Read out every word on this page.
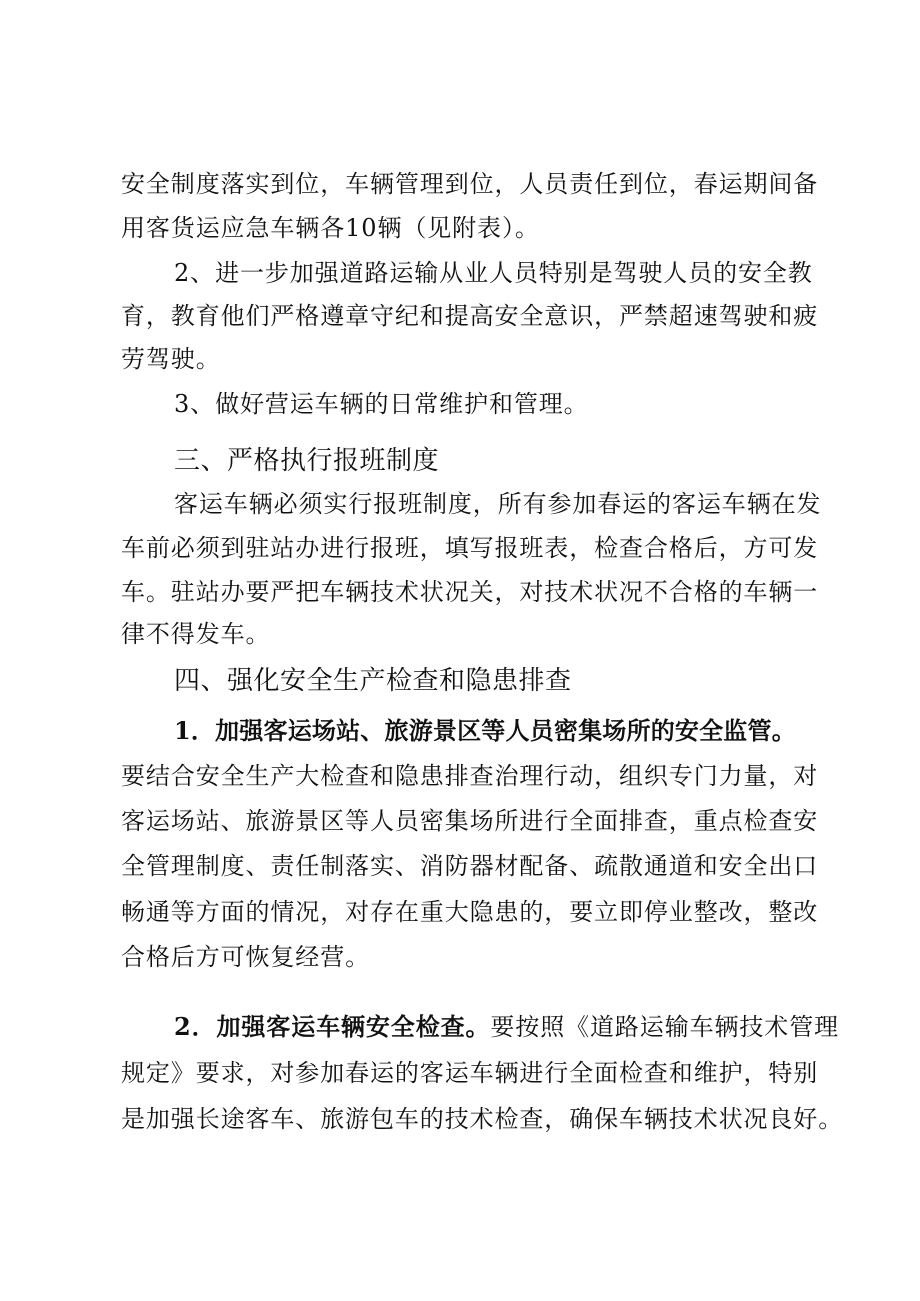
安全制度落实到位，车辆管理到位，人员责任到位，春运期间备
用客货运应急车辆各10辆（见附表）。
2、进一步加强道路运输从业人员特别是驾驶人员的安全教
育，教育他们严格遵章守纪和提高安全意识，严禁超速驾驶和疲
劳驾驶。
3、做好营运车辆的日常维护和管理。
三、严格执行报班制度
客运车辆必须实行报班制度，所有参加春运的客运车辆在发
车前必须到驻站办进行报班，填写报班表，检查合格后，方可发
车。驻站办要严把车辆技术状况关，对技术状况不合格的车辆一
律不得发车。
四、强化安全生产检查和隐患排查
1．加强客运场站、旅游景区等人员密集场所的安全监管。
要结合安全生产大检查和隐患排查治理行动，组织专门力量，对
客运场站、旅游景区等人员密集场所进行全面排查，重点检查安
全管理制度、责任制落实、消防器材配备、疏散通道和安全出口
畅通等方面的情况，对存在重大隐患的，要立即停业整改，整改
合格后方可恢复经营。
2．加强客运车辆安全检查。要按照《道路运输车辆技术管理
规定》要求，对参加春运的客运车辆进行全面检查和维护，特别
是加强长途客车、旅游包车的技术检查，确保车辆技术状况良好。
